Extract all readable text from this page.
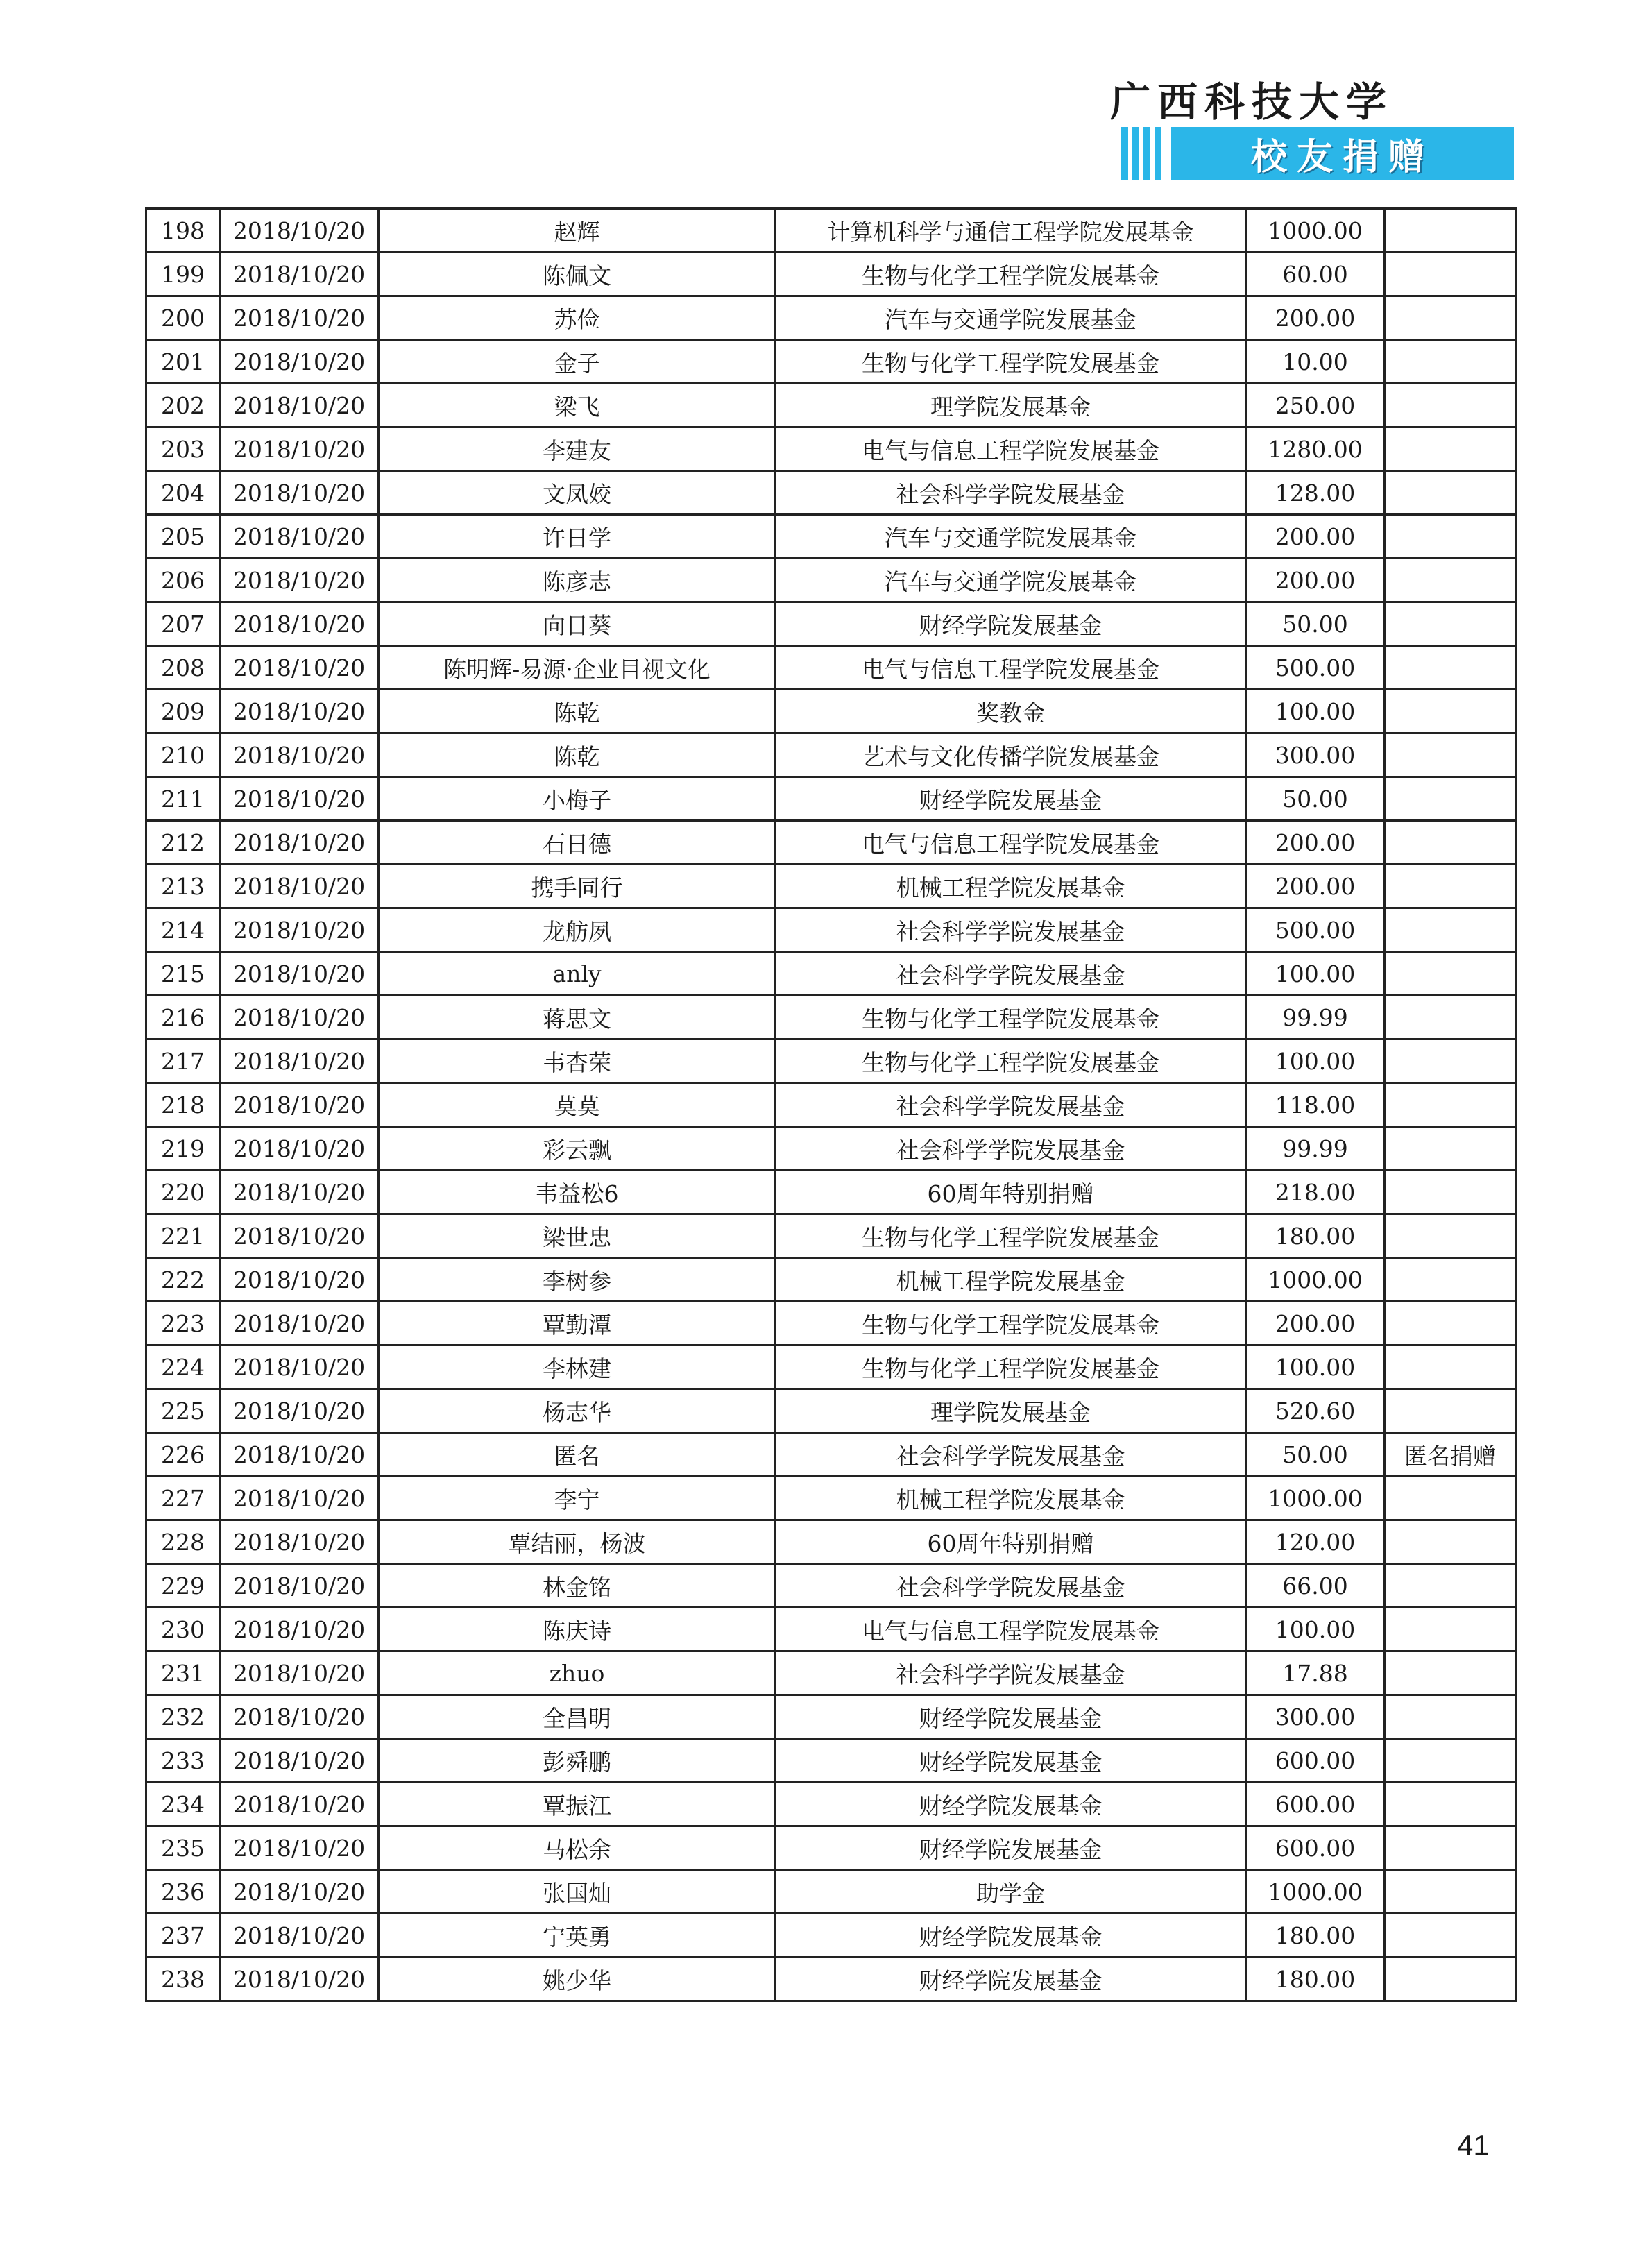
广西科技大学
校友捐赠
198	2018/10/20	赵辉	计算机科学与通信工程学院发展基金	1000.00	
199	2018/10/20	陈佩文	生物与化学工程学院发展基金	60.00	
200	2018/10/20	苏俭	汽车与交通学院发展基金	200.00	
201	2018/10/20	金子	生物与化学工程学院发展基金	10.00	
202	2018/10/20	梁飞	理学院发展基金	250.00	
203	2018/10/20	李建友	电气与信息工程学院发展基金	1280.00	
204	2018/10/20	文凤姣	社会科学学院发展基金	128.00	
205	2018/10/20	许日学	汽车与交通学院发展基金	200.00	
206	2018/10/20	陈彦志	汽车与交通学院发展基金	200.00	
207	2018/10/20	向日葵	财经学院发展基金	50.00	
208	2018/10/20	陈明辉-易源·企业目视文化	电气与信息工程学院发展基金	500.00	
209	2018/10/20	陈乾	奖教金	100.00	
210	2018/10/20	陈乾	艺术与文化传播学院发展基金	300.00	
211	2018/10/20	小梅子	财经学院发展基金	50.00	
212	2018/10/20	石日德	电气与信息工程学院发展基金	200.00	
213	2018/10/20	携手同行	机械工程学院发展基金	200.00	
214	2018/10/20	龙舫夙	社会科学学院发展基金	500.00	
215	2018/10/20	anly	社会科学学院发展基金	100.00	
216	2018/10/20	蒋思文	生物与化学工程学院发展基金	99.99	
217	2018/10/20	韦杏荣	生物与化学工程学院发展基金	100.00	
218	2018/10/20	莫莫	社会科学学院发展基金	118.00	
219	2018/10/20	彩云飘	社会科学学院发展基金	99.99	
220	2018/10/20	韦益松6	60周年特别捐赠	218.00	
221	2018/10/20	梁世忠	生物与化学工程学院发展基金	180.00	
222	2018/10/20	李树参	机械工程学院发展基金	1000.00	
223	2018/10/20	覃勤潭	生物与化学工程学院发展基金	200.00	
224	2018/10/20	李林建	生物与化学工程学院发展基金	100.00	
225	2018/10/20	杨志华	理学院发展基金	520.60	
226	2018/10/20	匿名	社会科学学院发展基金	50.00	匿名捐赠
227	2018/10/20	李宁	机械工程学院发展基金	1000.00	
228	2018/10/20	覃结丽，杨波	60周年特别捐赠	120.00	
229	2018/10/20	林金铭	社会科学学院发展基金	66.00	
230	2018/10/20	陈庆诗	电气与信息工程学院发展基金	100.00	
231	2018/10/20	zhuo	社会科学学院发展基金	17.88	
232	2018/10/20	全昌明	财经学院发展基金	300.00	
233	2018/10/20	彭舜鹏	财经学院发展基金	600.00	
234	2018/10/20	覃振江	财经学院发展基金	600.00	
235	2018/10/20	马松余	财经学院发展基金	600.00	
236	2018/10/20	张国灿	助学金	1000.00	
237	2018/10/20	宁英勇	财经学院发展基金	180.00	
238	2018/10/20	姚少华	财经学院发展基金	180.00	
41
